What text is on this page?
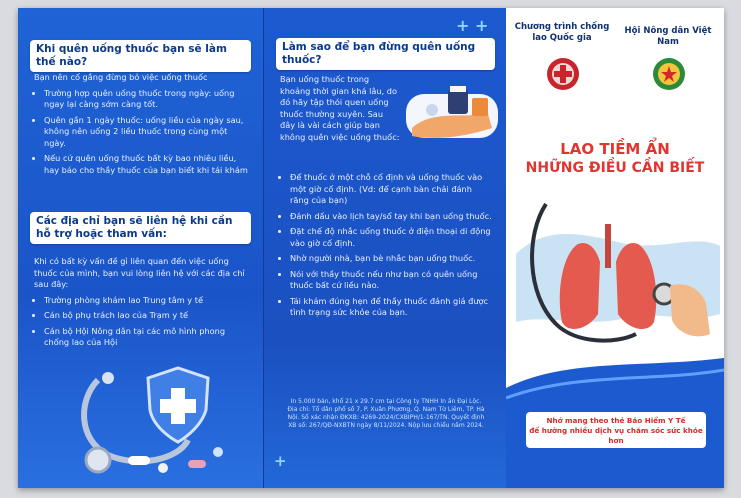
Khi quên uống thuốc bạn sẽ làm thế nào?

Bạn nên cố gắng đừng bỏ việc uống thuốc

• Trường hợp quên uống thuốc trong ngày: uống ngay lại càng sớm càng tốt.
• Quên gần 1 ngày thuốc: uống liều của ngày sau, không nên uống 2 liều thuốc trong cùng một ngày.
• Nếu cứ quên uống thuốc bất kỳ bao nhiêu liều, hay báo cho thầy thuốc của bạn biết khi tái khám
Các địa chỉ bạn sẽ liên hệ khi cần hỗ trợ hoặc tham vấn:

Khi có bất kỳ vấn đề gì liên quan đến việc uống thuốc của mình, bạn vui lòng liên hệ với các địa chỉ sau đây:

• Trường phòng khám lao Trung tâm y tế
• Cán bộ phụ trách lao của Trạm y tế
• Cán bộ Hội Nông dân tại các mô hình phong chống lao của Hội
+ +
Làm sao để bạn đừng quên uống thuốc?
Bạn uống thuốc trong khoảng thời gian khá lâu, do đó hãy tập thói quen uống thuốc thường xuyên. Sau đây là vài cách giúp bạn không quên việc uống thuốc:
• Để thuốc ở một chỗ cố định và uống thuốc vào một giờ cố định. (Vd: để cạnh bàn chải đánh răng của bạn)
• Đánh dấu vào lịch tay/sổ tay khi bạn uống thuốc.
• Đặt chế độ nhắc uống thuốc ở điện thoại di động vào giờ cố định.
• Nhờ người nhà, bạn bè nhắc bạn uống thuốc.
• Nói với thầy thuốc nếu như bạn có quên uống thuốc bất cứ liều nào.
• Tái khám đúng hẹn để thầy thuốc đánh giá được tình trạng sức khỏe của bạn.
In 5.000 bản, khổ 21 x 29.7 cm tại Công ty TNHH In ấn Đại Lộc. Địa chỉ: Tổ dân phố số 7, P. Xuân Phương, Q. Nam Từ Liêm, TP. Hà Nội. Số xác nhận ĐKXB: 4269-2024/CXBIPH/1-167/TN. Quyết định XB số: 267/QĐ-NXBTN ngày 8/11/2024. Nộp lưu chiểu năm 2024.
+
Chương trình chống lao Quốc gia
Hội Nông dân Việt Nam
LAO TIỀM ẨN
NHỮNG ĐIỀU CẦN BIẾT
Nhớ mang theo thẻ Bảo Hiểm Y Tế
để hưởng nhiều dịch vụ chăm sóc sức khỏe hơn
